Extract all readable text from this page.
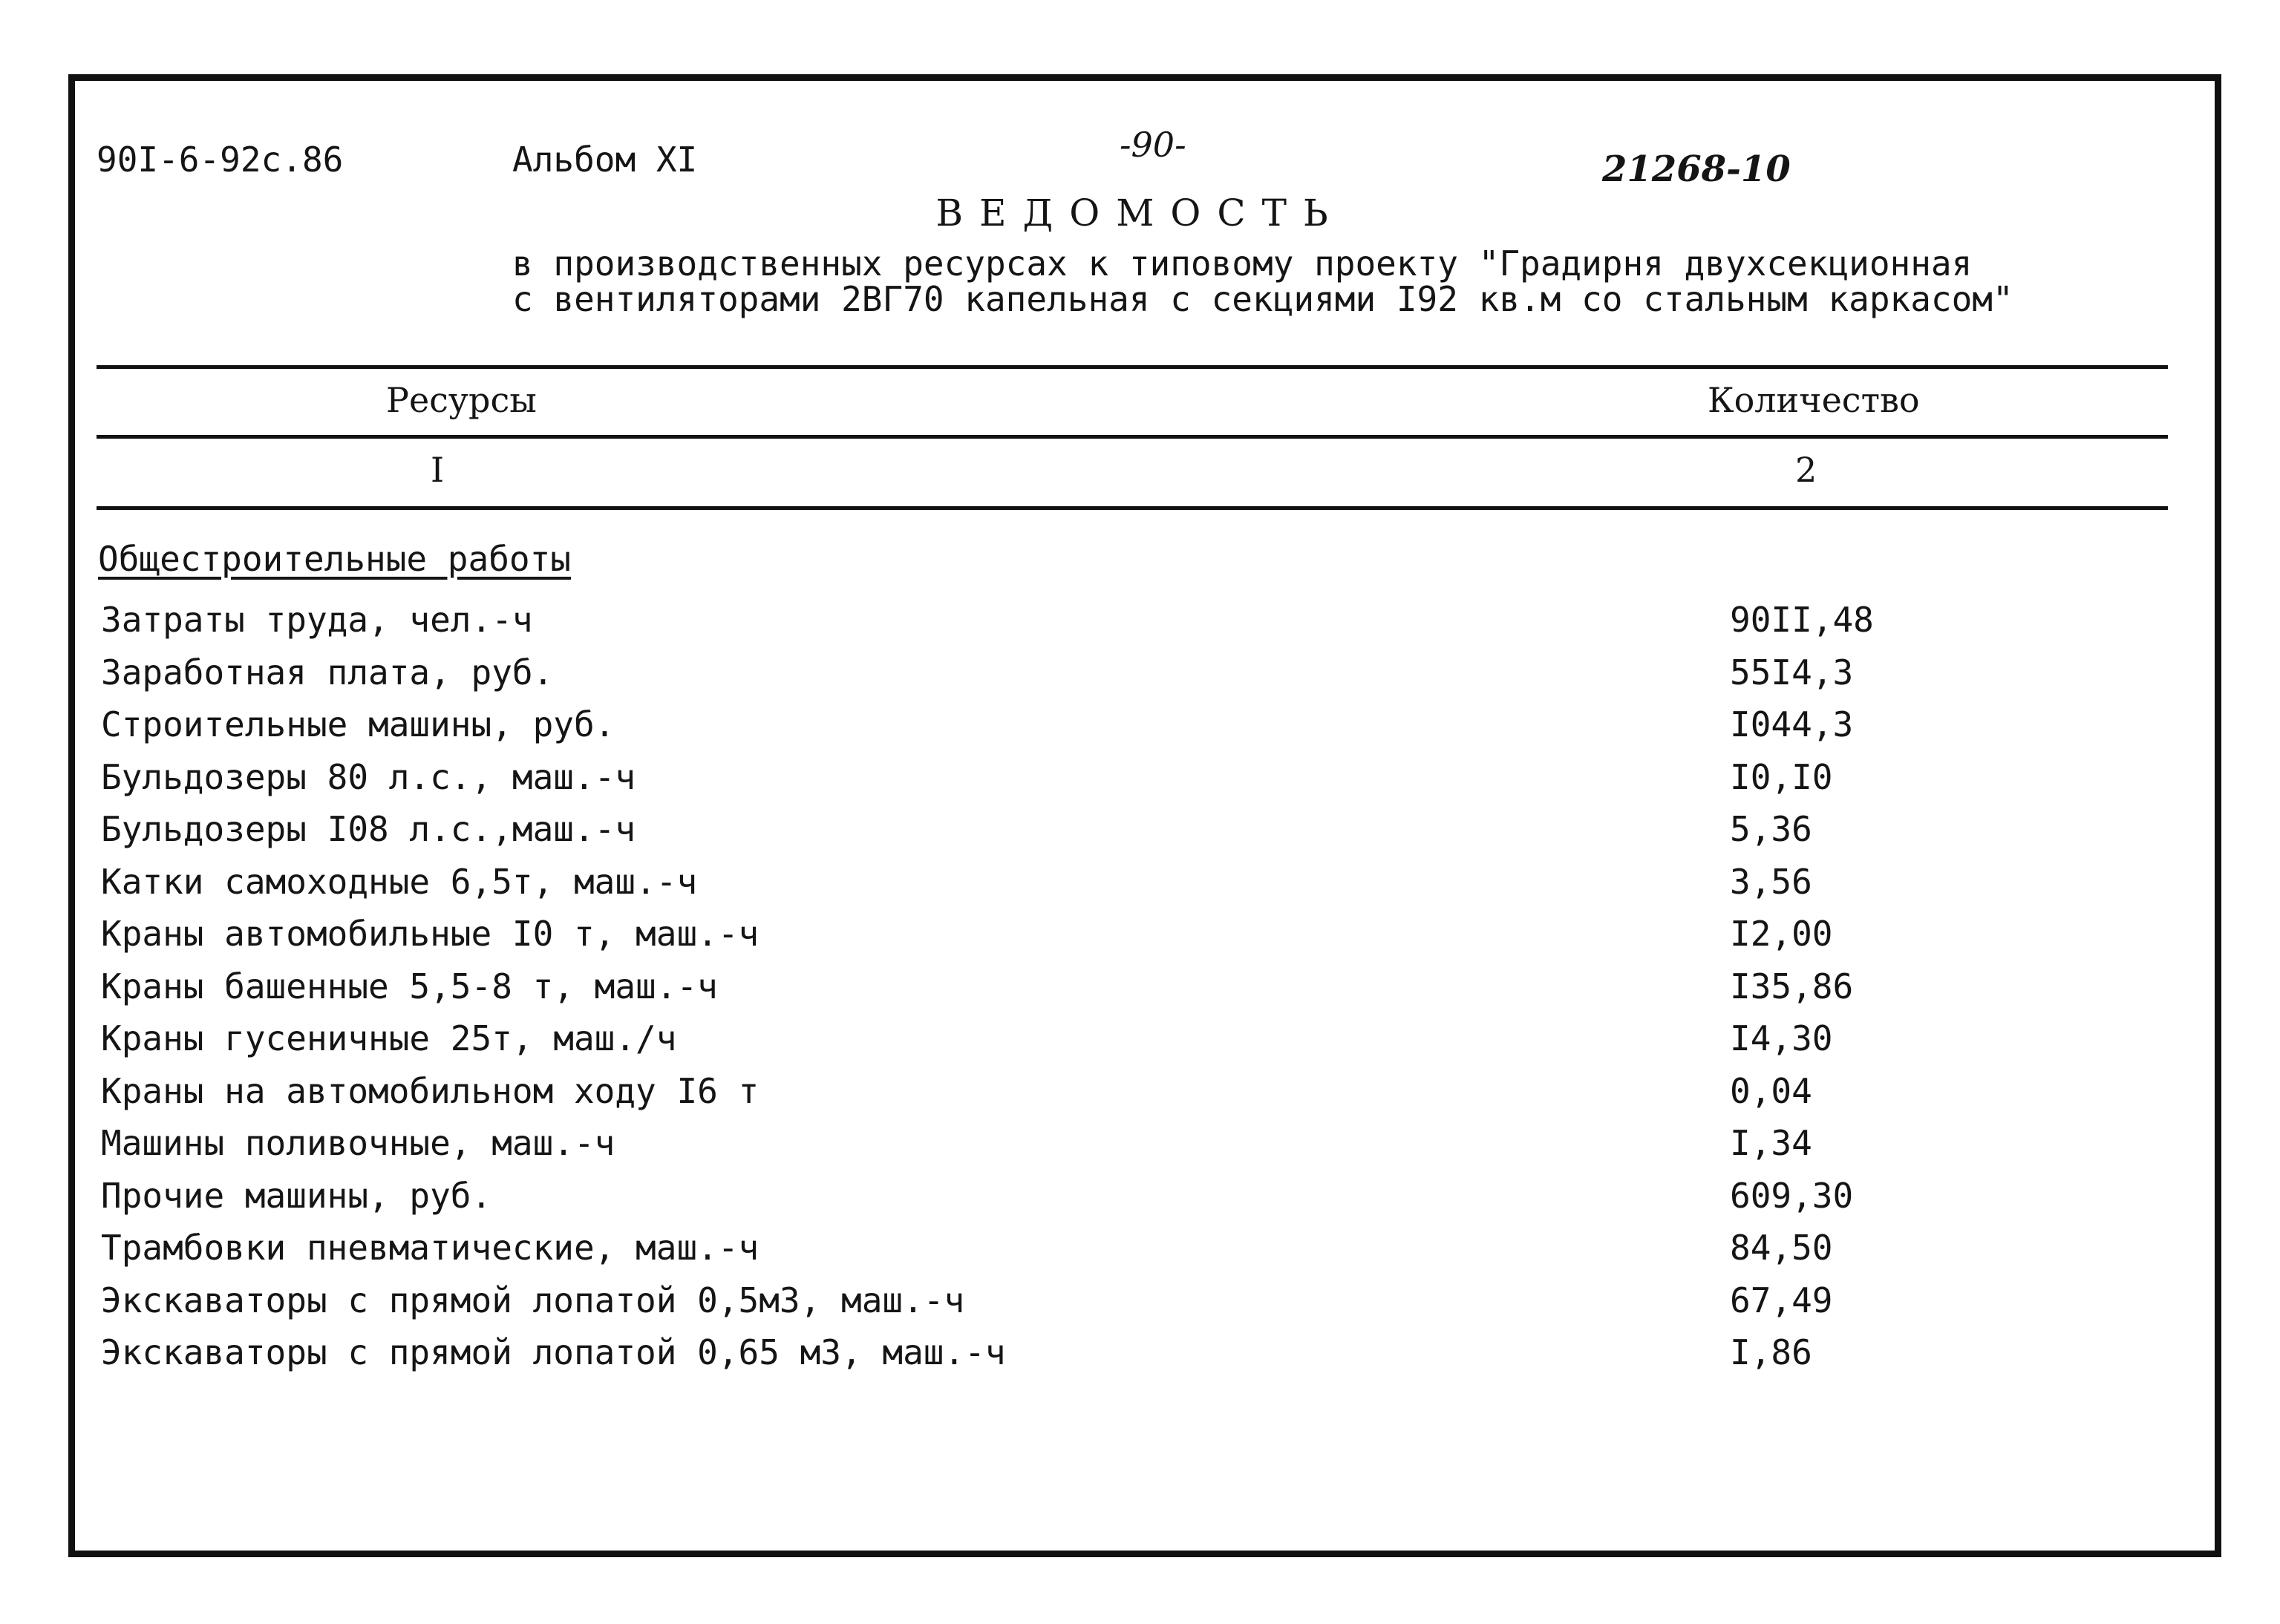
90I-6-92с.86	Альбом XI	-90-
21268-10
ВЕДОМОСТЬ
в производственных ресурсах к типовому проекту "Градирня двухсекционная
с вентиляторами 2ВГ70 капельная с секциями I92 кв.м со стальным каркасом"
Ресурсы	Количество
I	2
Общестроительные работы
Затраты труда, чел.-ч	90II,48
Заработная плата, руб.	55I4,3
Строительные машины, руб.	I044,3
Бульдозеры 80 л.с., маш.-ч	I0,I0
Бульдозеры I08 л.с.,маш.-ч	5,36
Катки самоходные 6,5т, маш.-ч	3,56
Краны автомобильные I0 т, маш.-ч	I2,00
Краны башенные 5,5-8 т, маш.-ч	I35,86
Краны гусеничные 25т, маш./ч	I4,30
Краны на автомобильном ходу I6 т	0,04
Машины поливочные, маш.-ч	I,34
Прочие машины, руб.	609,30
Трамбовки пневматические, маш.-ч	84,50
Экскаваторы с прямой лопатой 0,5м3, маш.-ч	67,49
Экскаваторы с прямой лопатой 0,65 м3, маш.-ч	I,86
